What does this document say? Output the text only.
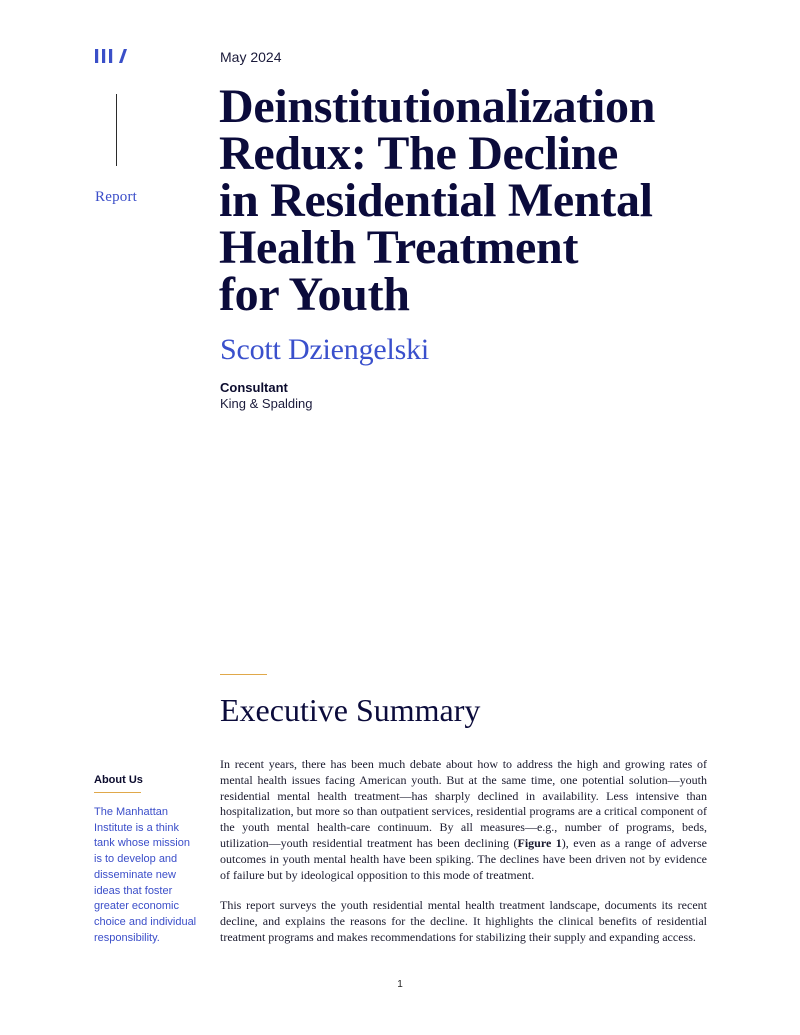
Report
May 2024
Deinstitutionalization
Redux: The Decline
in Residential Mental
Health Treatment
for Youth
Scott Dziengelski
Consultant
King & Spalding
Executive Summary
About Us

The Manhattan
Institute is a think
tank whose mission
is to develop and
disseminate new
ideas that foster
greater economic
choice and individual
responsibility.

In recent years, there has been much debate about how to address the high and growing rates of mental health issues facing American youth. But at the same time, one potential solution—youth residential mental health treatment—has sharply declined in availability. Less intensive than hospitalization, but more so than outpatient services, residential programs are a critical component of the youth mental health-care continuum. By all measures—e.g., number of programs, beds, utilization—youth residential treatment has been declining (Figure 1), even as a range of adverse outcomes in youth mental health have been spiking. The declines have been driven not by evidence of failure but by ideological opposition to this mode of treatment.

This report surveys the youth residential mental health treatment landscape, documents its recent decline, and explains the reasons for the decline. It highlights the clinical benefits of residential treatment programs and makes recommendations for stabilizing their supply and expanding access.

1
